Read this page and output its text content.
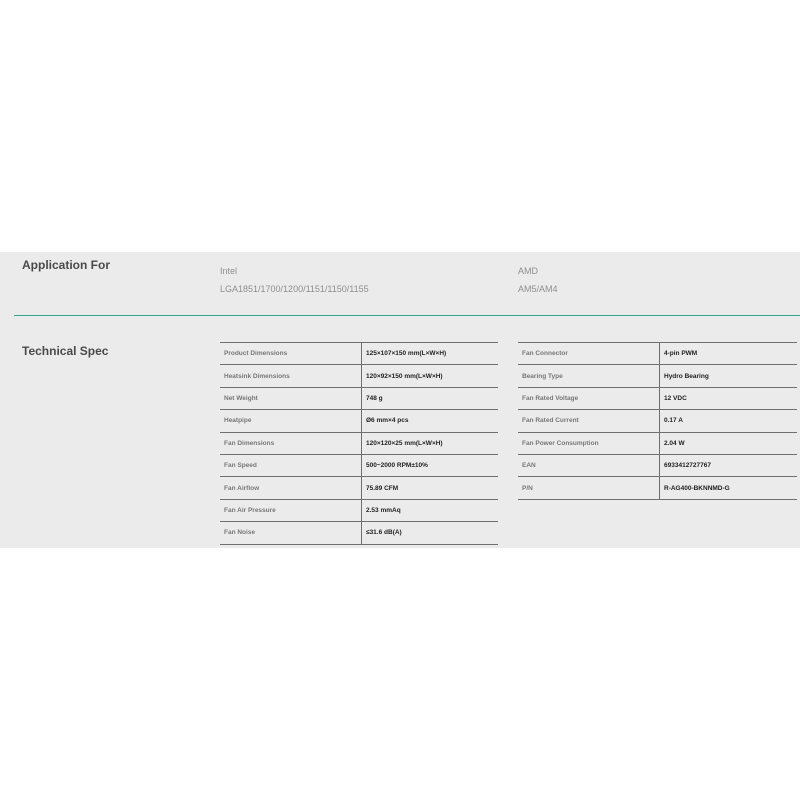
Application For	Intel
LGA1851/1700/1200/1151/1150/1155
AMD
AM5/AM4
Technical Spec	Product Dimensions	125×107×150 mm(L×W×H)
Heatsink Dimensions	120×92×150 mm(L×W×H)
Net Weight	748 g
Heatpipe	Ø6 mm×4 pcs
Fan Dimensions	120×120×25 mm(L×W×H)
Fan Speed	500~2000 RPM±10%
Fan Airflow	75.89 CFM
Fan Air Pressure	2.53 mmAq
Fan Noise	≤31.6 dB(A)
Fan Connector	4-pin PWM
Bearing Type	Hydro Bearing
Fan Rated Voltage	12 VDC
Fan Rated Current	0.17 A
Fan Power Consumption	2.04 W
EAN	6933412727767
P/N	R-AG400-BKNNMD-G
